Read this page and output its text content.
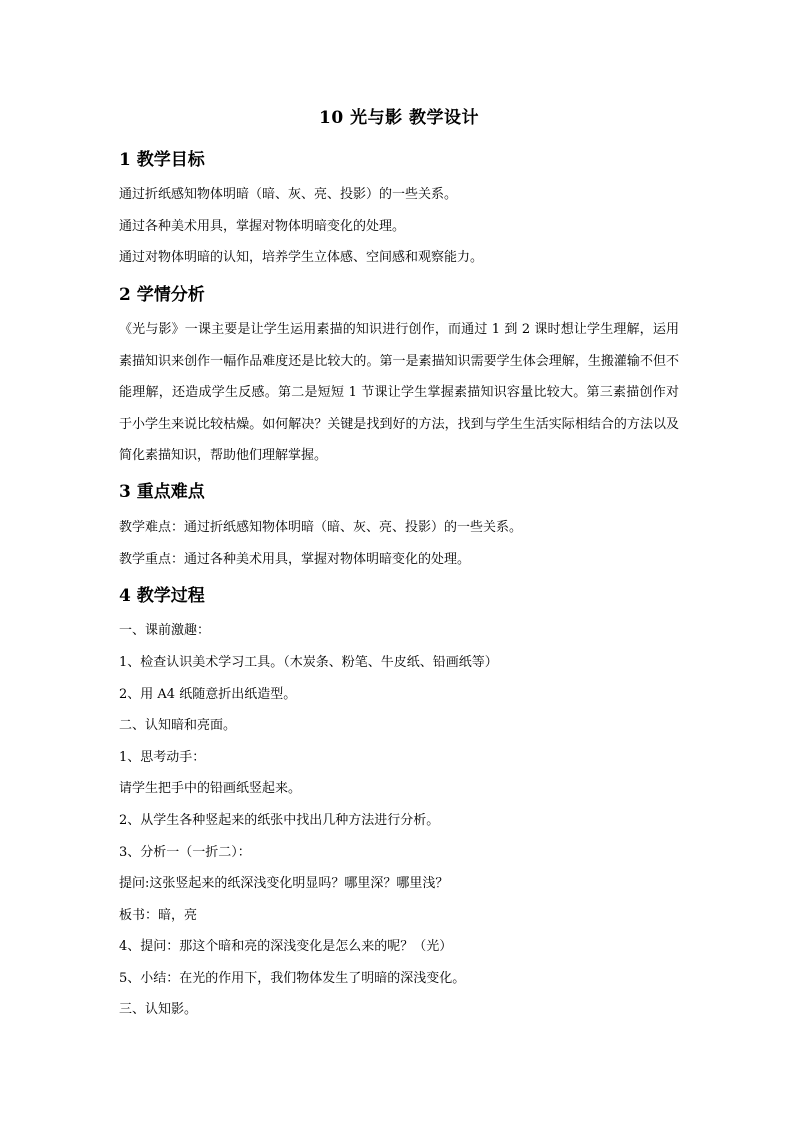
10 光与影 教学设计
1 教学目标
通过折纸感知物体明暗（暗、灰、亮、投影）的一些关系。
通过各种美术用具，掌握对物体明暗变化的处理。
通过对物体明暗的认知，培养学生立体感、空间感和观察能力。
2 学情分析
《光与影》一课主要是让学生运用素描的知识进行创作，而通过 1 到 2 课时想让学生理解，运用素描知识来创作一幅作品难度还是比较大的。第一是素描知识需要学生体会理解，生搬灌输不但不能理解，还造成学生反感。第二是短短 1 节课让学生掌握素描知识容量比较大。第三素描创作对于小学生来说比较枯燥。如何解决？关键是找到好的方法，找到与学生生活实际相结合的方法以及简化素描知识，帮助他们理解掌握。
3 重点难点
教学难点：通过折纸感知物体明暗（暗、灰、亮、投影）的一些关系。
教学重点：通过各种美术用具，掌握对物体明暗变化的处理。
4 教学过程
一、课前激趣：
1、检查认识美术学习工具。（木炭条、粉笔、牛皮纸、铅画纸等）
2、用 A4 纸随意折出纸造型。
二、认知暗和亮面。
1、思考动手：
请学生把手中的铅画纸竖起来。
2、从学生各种竖起来的纸张中找出几种方法进行分析。
3、分析一（一折二）：
提问:这张竖起来的纸深浅变化明显吗？哪里深？哪里浅？
板书：暗，亮
4、提问：那这个暗和亮的深浅变化是怎么来的呢？（光）
5、小结：在光的作用下，我们物体发生了明暗的深浅变化。
三、认知影。
